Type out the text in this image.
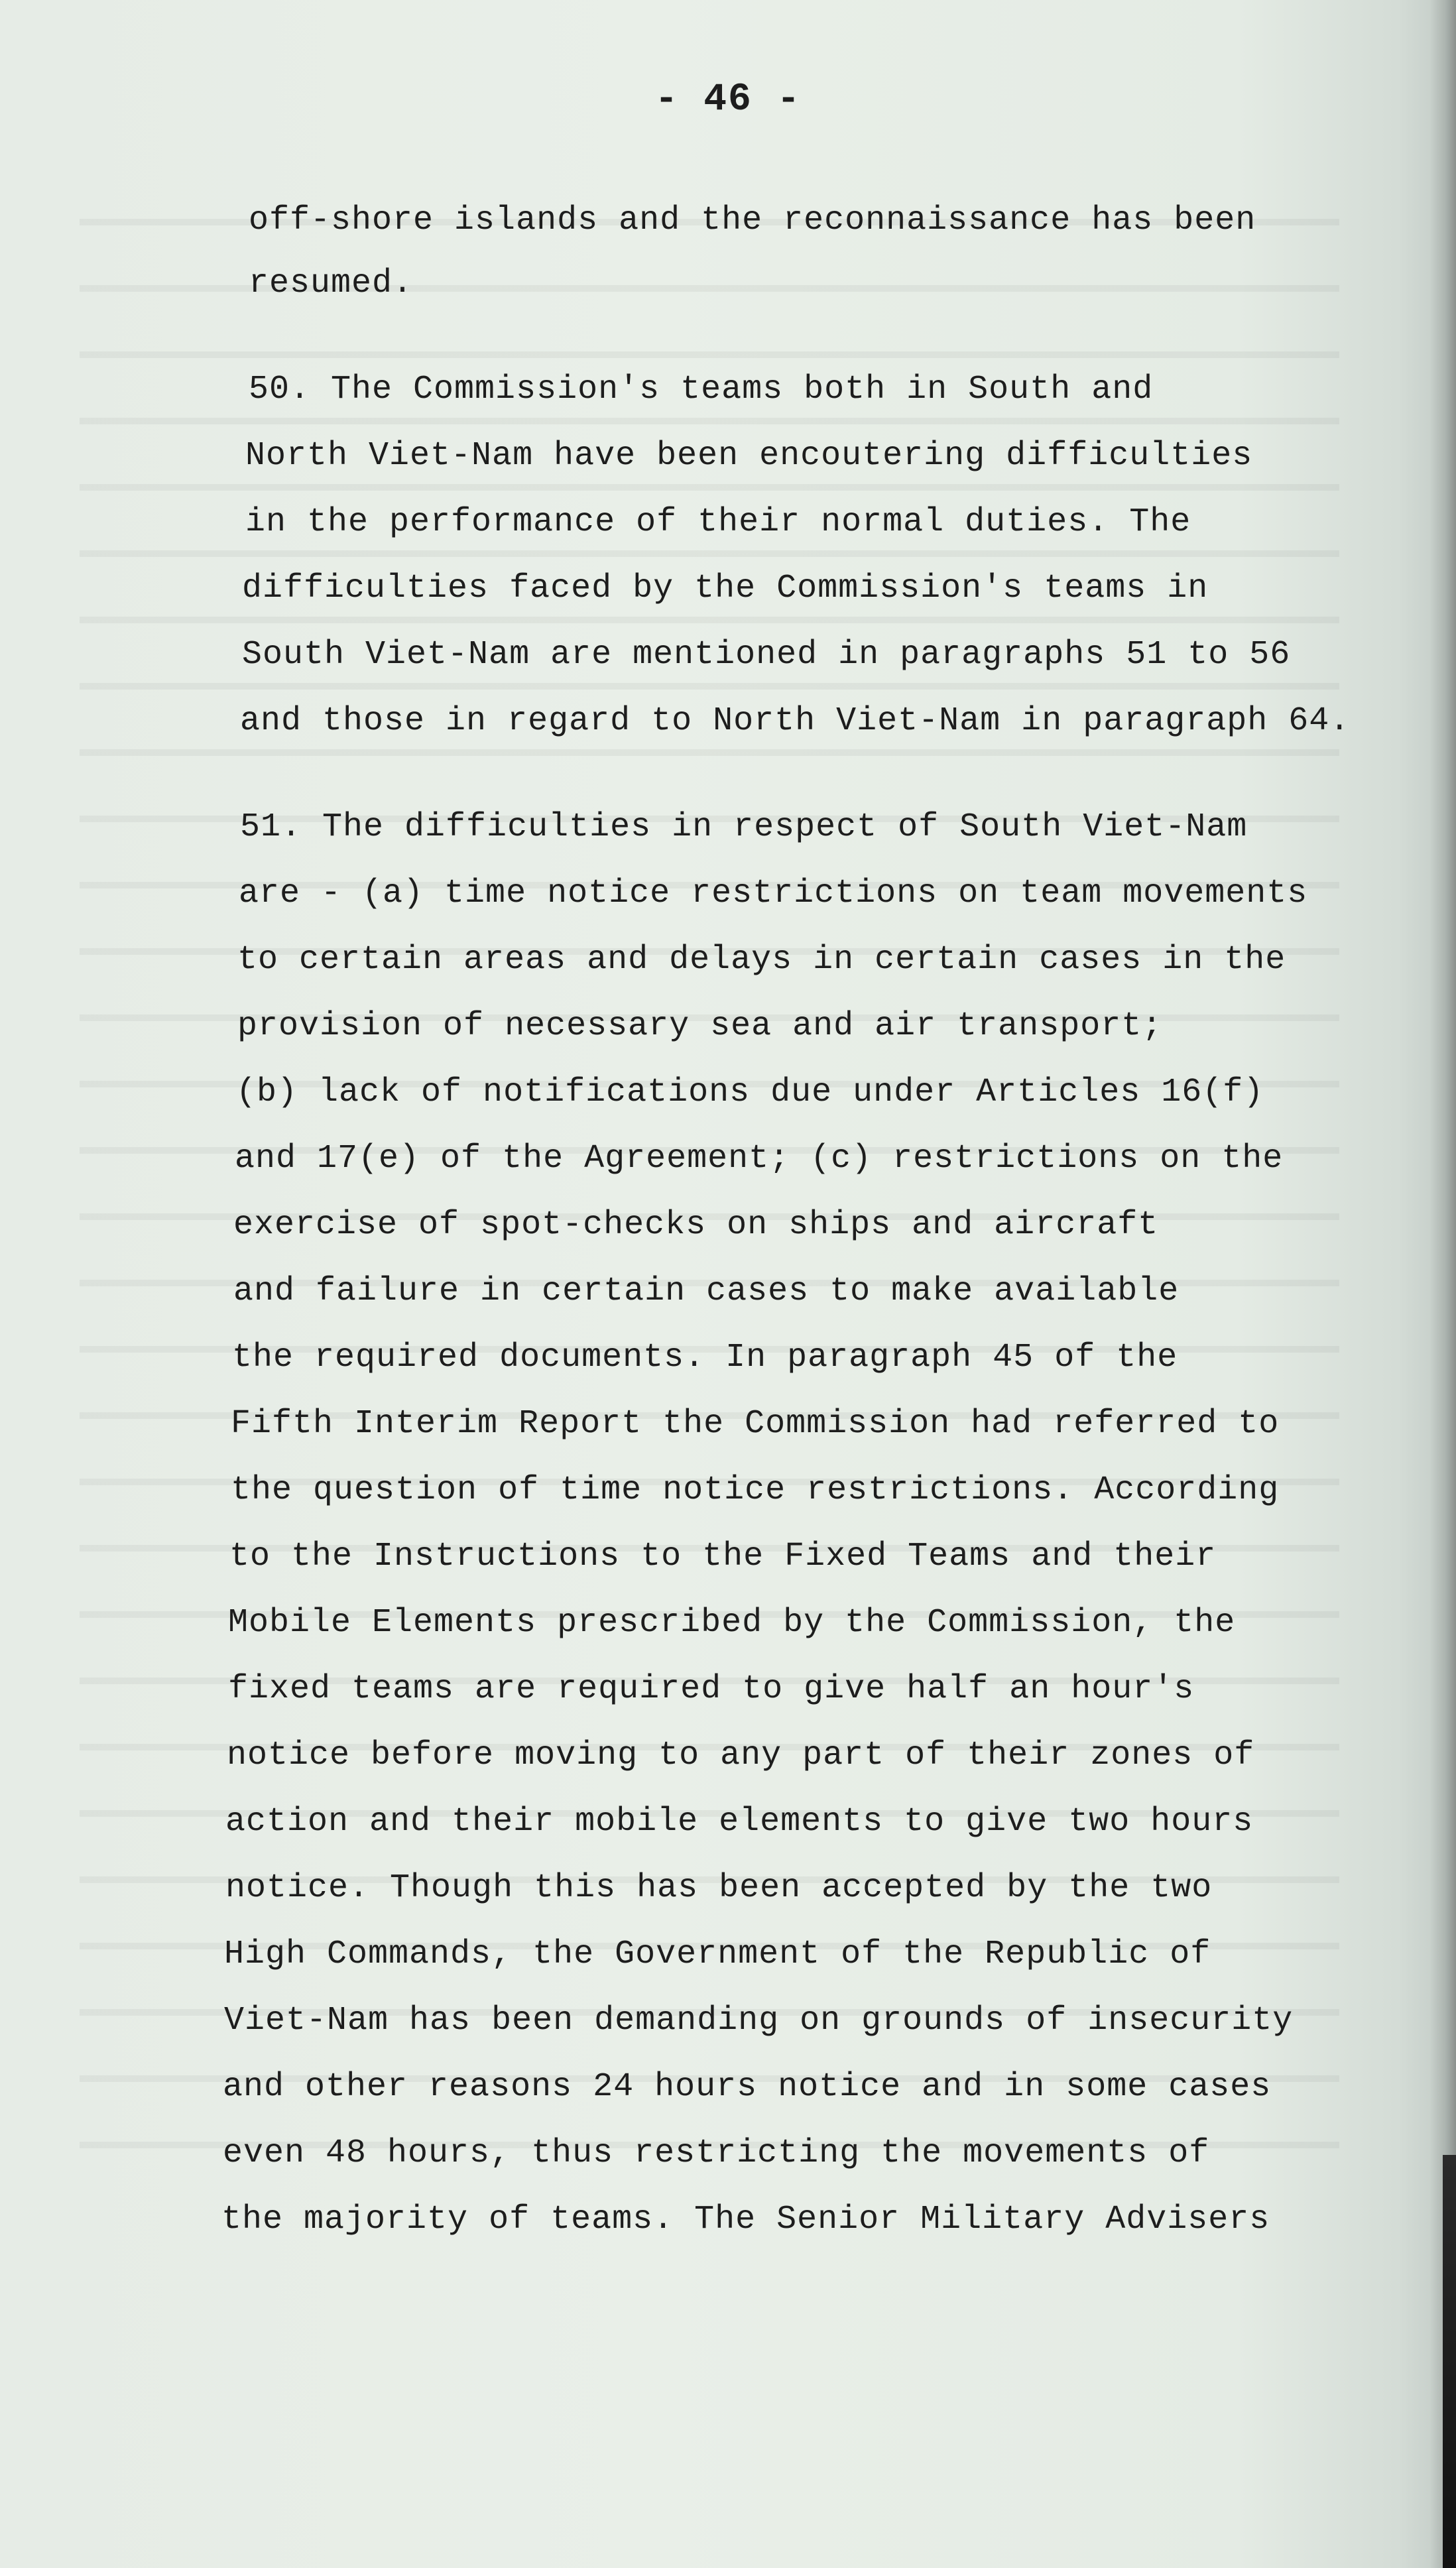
- 46 -
off-shore islands and the reconnaissance has been
resumed.
50. The Commission's teams both in South and
North Viet-Nam have been encoutering difficulties
in the performance of their normal duties. The
difficulties faced by the Commission's teams in
South Viet-Nam are mentioned in paragraphs 51 to 56
and those in regard to North Viet-Nam in paragraph 64.
51. The difficulties in respect of South Viet-Nam
are - (a) time notice restrictions on team movements
to certain areas and delays in certain cases in the
provision of necessary sea and air transport;
(b) lack of notifications due under Articles 16(f)
and 17(e) of the Agreement; (c) restrictions on the
exercise of spot-checks on ships and aircraft
and failure in certain cases to make available
the required documents. In paragraph 45 of the
Fifth Interim Report the Commission had referred to
the question of time notice restrictions. According
to the Instructions to the Fixed Teams and their
Mobile Elements prescribed by the Commission, the
fixed teams are required to give half an hour's
notice before moving to any part of their zones of
action and their mobile elements to give two hours
notice. Though this has been accepted by the two
High Commands, the Government of the Republic of
Viet-Nam has been demanding on grounds of insecurity
and other reasons 24 hours notice and in some cases
even 48 hours, thus restricting the movements of
the majority of teams. The Senior Military Advisers
